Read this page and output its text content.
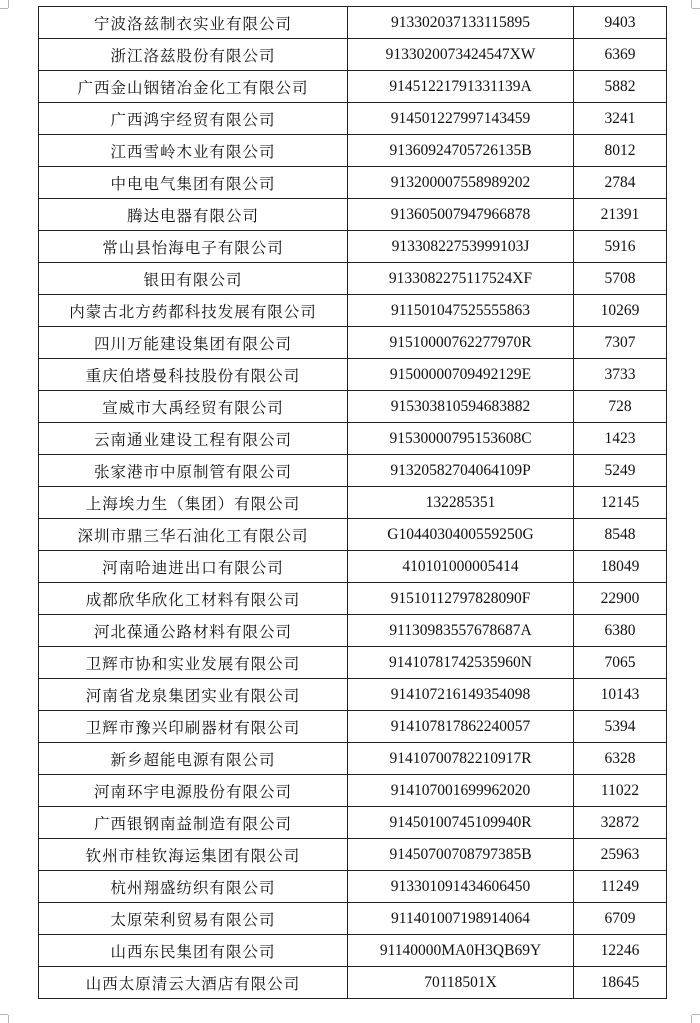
宁波洛兹制衣实业有限公司	913302037133115895	9403
浙江洛兹股份有限公司	9133020073424547XW	6369
广西金山铟锗冶金化工有限公司	91451221791331139A	5882
广西鸿宇经贸有限公司	914501227997143459	3241
江西雪岭木业有限公司	91360924705726135B	8012
中电电气集团有限公司	913200007558989202	2784
腾达电器有限公司	913605007947966878	21391
常山县怡海电子有限公司	91330822753999103J	5916
银田有限公司	9133082275117524XF	5708
内蒙古北方药都科技发展有限公司	911501047525555863	10269
四川万能建设集团有限公司	91510000762277970R	7307
重庆伯塔曼科技股份有限公司	91500000709492129E	3733
宣威市大禹经贸有限公司	915303810594683882	728
云南通业建设工程有限公司	91530000795153608C	1423
张家港市中原制管有限公司	91320582704064109P	5249
上海埃力生（集团）有限公司	132285351	12145
深圳市鼎三华石油化工有限公司	G1044030400559250G	8548
河南哈迪进出口有限公司	410101000005414	18049
成都欣华欣化工材料有限公司	91510112797828090F	22900
河北葆通公路材料有限公司	91130983557678687A	6380
卫辉市协和实业发展有限公司	91410781742535960N	7065
河南省龙泉集团实业有限公司	914107216149354098	10143
卫辉市豫兴印刷器材有限公司	914107817862240057	5394
新乡超能电源有限公司	91410700782210917R	6328
河南环宇电源股份有限公司	914107001699962020	11022
广西银钢南益制造有限公司	91450100745109940R	32872
钦州市桂钦海运集团有限公司	91450700708797385B	25963
杭州翔盛纺织有限公司	913301091434606450	11249
太原荣利贸易有限公司	911401007198914064	6709
山西东民集团有限公司	91140000MA0H3QB69Y	12246
山西太原清云大酒店有限公司	70118501X	18645
